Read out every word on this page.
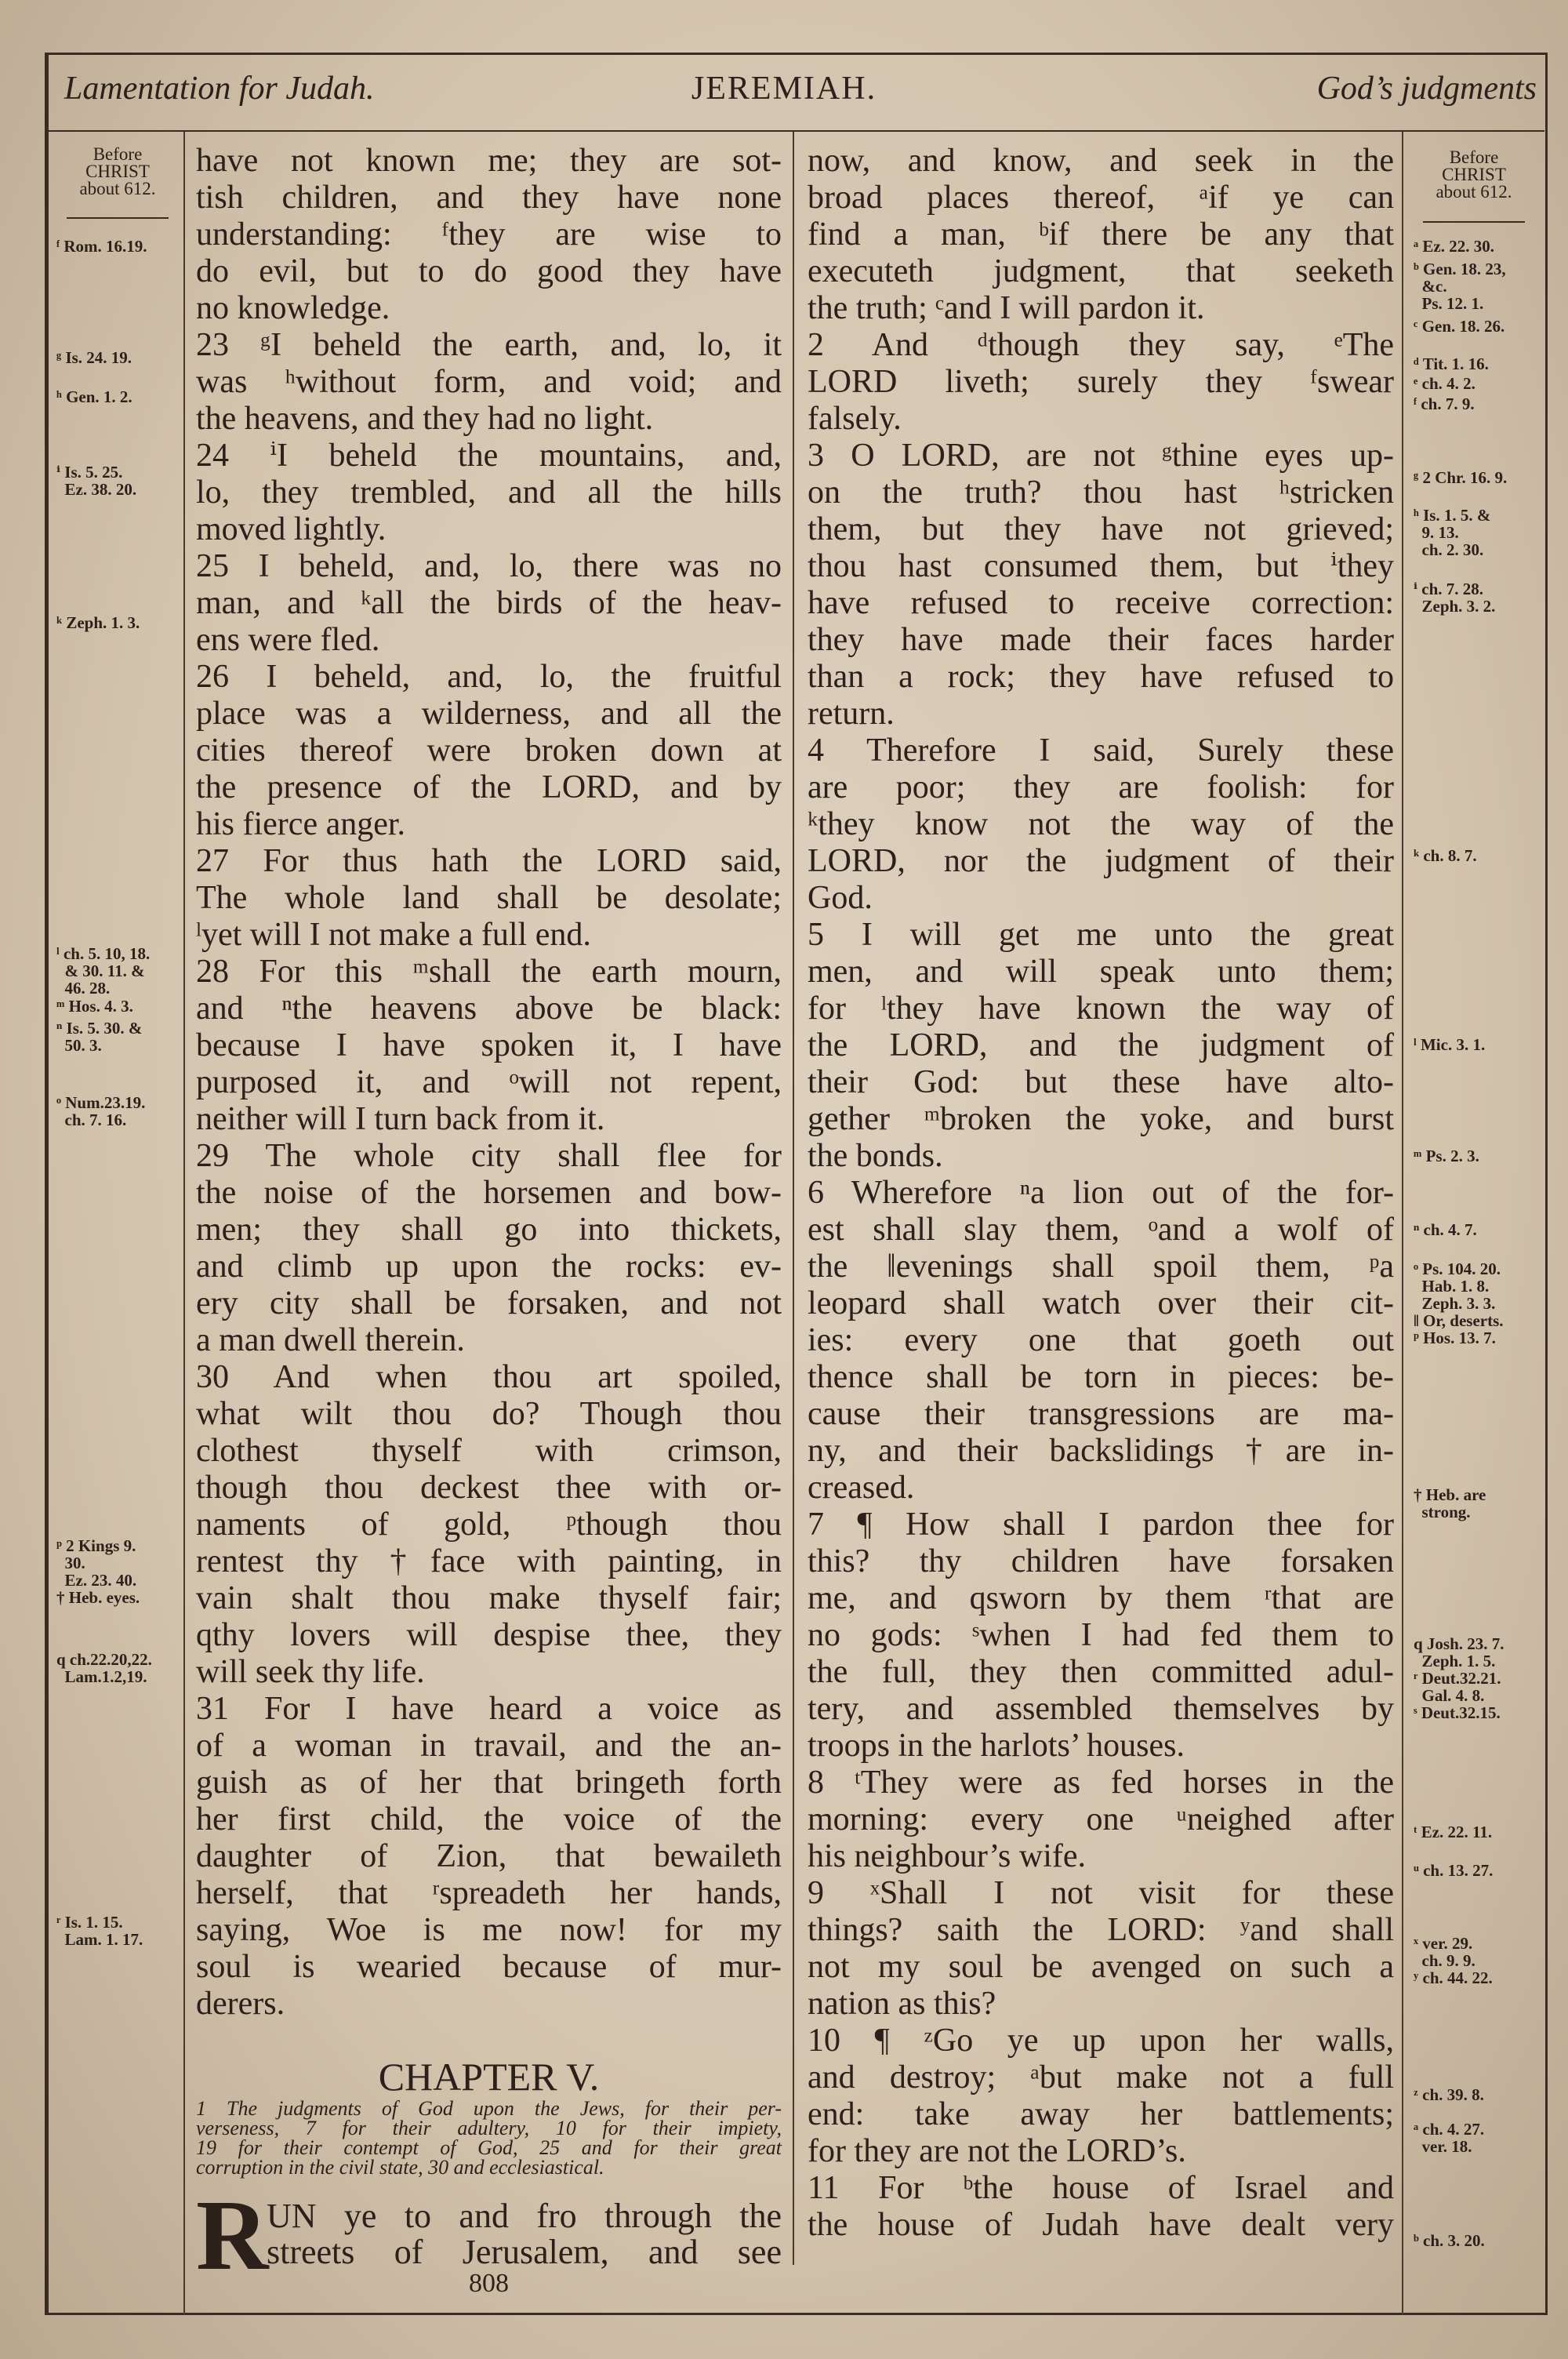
Lamentation for Judah.	JEREMIAH.	God’s judgments
Before
CHRIST
about 612.
Before
CHRIST
about 612.
have not known me; they are sot-
tish children, and they have none
understanding: ᶠthey are wise to
do evil, but to do good they have
no knowledge.
23 ᵍI beheld the earth, and, lo, it
was ʰwithout form, and void; and
the heavens, and they had no light.
24 ⁱI beheld the mountains, and,
lo, they trembled, and all the hills
moved lightly.
25 I beheld, and, lo, there was no
man, and ᵏall the birds of the heav-
ens were fled.
26 I beheld, and, lo, the fruitful
place was a wilderness, and all the
cities thereof were broken down at
the presence of the LORD, and by
his fierce anger.
27 For thus hath the LORD said,
The whole land shall be desolate;
ˡyet will I not make a full end.
28 For this ᵐshall the earth mourn,
and ⁿthe heavens above be black:
because I have spoken it, I have
purposed it, and ᵒwill not repent,
neither will I turn back from it.
29 The whole city shall flee for
the noise of the horsemen and bow-
men; they shall go into thickets,
and climb up upon the rocks: ev-
ery city shall be forsaken, and not
a man dwell therein.
30 And when thou art spoiled,
what wilt thou do? Though thou
clothest thyself with crimson,
though thou deckest thee with or-
naments of gold, ᵖthough thou
rentest thy †face with painting, in
vain shalt thou make thyself fair;
qthy lovers will despise thee, they
will seek thy life.
31 For I have heard a voice as
of a woman in travail, and the an-
guish as of her that bringeth forth
her first child, the voice of the
daughter of Zion, that bewaileth
herself, that ʳspreadeth her hands,
saying, Woe is me now! for my
soul is wearied because of mur-
derers.
now, and know, and seek in the
broad places thereof, ᵃif ye can
find a man, ᵇif there be any that
executeth judgment, that seeketh
the truth; ᶜand I will pardon it.
2 And ᵈthough they say, ᵉThe
LORD liveth; surely they ᶠswear
falsely.
3 O LORD, are not ᵍthine eyes up-
on the truth? thou hast ʰstricken
them, but they have not grieved;
thou hast consumed them, but ⁱthey
have refused to receive correction:
they have made their faces harder
than a rock; they have refused to
return.
4 Therefore I said, Surely these
are poor; they are foolish: for
ᵏthey know not the way of the
LORD, nor the judgment of their
God.
5 I will get me unto the great
men, and will speak unto them;
for ˡthey have known the way of
the LORD, and the judgment of
their God: but these have alto-
gether ᵐbroken the yoke, and burst
the bonds.
6 Wherefore ⁿa lion out of the for-
est shall slay them, ᵒand a wolf of
the ‖evenings shall spoil them, ᵖa
leopard shall watch over their cit-
ies: every one that goeth out
thence shall be torn in pieces: be-
cause their transgressions are ma-
ny, and their backslidings †are in-
creased.
7 ¶ How shall I pardon thee for
this? thy children have forsaken
me, and qsworn by them ʳthat are
no gods: ˢwhen I had fed them to
the full, they then committed adul-
tery, and assembled themselves by
troops in the harlots’ houses.
8 ᵗThey were as fed horses in the
morning: every one ᵘneighed after
his neighbour’s wife.
9 ˣShall I not visit for these
things? saith the LORD: ʸand shall
not my soul be avenged on such a
nation as this?
10 ¶ ᶻGo ye up upon her walls,
and destroy; ᵃbut make not a full
end: take away her battlements;
for they are not the LORD’s.
11 For ᵇthe house of Israel and
the house of Judah have dealt very
ᶠ Rom. 16.19.
ᵍ Is. 24. 19.
ʰ Gen. 1. 2.
ⁱ Is. 5. 25.
Ez. 38. 20.
ᵏ Zeph. 1. 3.
ˡ ch. 5. 10, 18.
& 30. 11. &
46. 28.
ᵐ Hos. 4. 3.
ⁿ Is. 5. 30. &
50. 3.
ᵒ Num.23.19.
ch. 7. 16.
ᵖ 2 Kings 9.
30.
Ez. 23. 40.
† Heb. eyes.
q ch.22.20,22.
Lam.1.2,19.
ʳ Is. 1. 15.
Lam. 1. 17.
ᵃ Ez. 22. 30.
ᵇ Gen. 18. 23,
&c.
Ps. 12. 1.
ᶜ Gen. 18. 26.
ᵈ Tit. 1. 16.
ᵉ ch. 4. 2.
ᶠ ch. 7. 9.
ᵍ 2 Chr. 16. 9.
ʰ Is. 1. 5. &
9. 13.
ch. 2. 30.
ⁱ ch. 7. 28.
Zeph. 3. 2.
ᵏ ch. 8. 7.
ˡ Mic. 3. 1.
ᵐ Ps. 2. 3.
ⁿ ch. 4. 7.
ᵒ Ps. 104. 20.
Hab. 1. 8.
Zeph. 3. 3.
‖ Or, deserts.
ᵖ Hos. 13. 7.
† Heb. are
strong.
q Josh. 23. 7.
Zeph. 1. 5.
ʳ Deut.32.21.
Gal. 4. 8.
ˢ Deut.32.15.
ᵗ Ez. 22. 11.
ᵘ ch. 13. 27.
ˣ ver. 29.
ch. 9. 9.
ʸ ch. 44. 22.
ᶻ ch. 39. 8.
ᵃ ch. 4. 27.
ver. 18.
ᵇ ch. 3. 20.
CHAPTER V.
1 The judgments of God upon the Jews, for their per-
verseness, 7 for their adultery, 10 for their impiety,
19 for their contempt of God, 25 and for their great
corruption in the civil state, 30 and ecclesiastical.
R
UN ye to and fro through the
streets of Jerusalem, and see
808
